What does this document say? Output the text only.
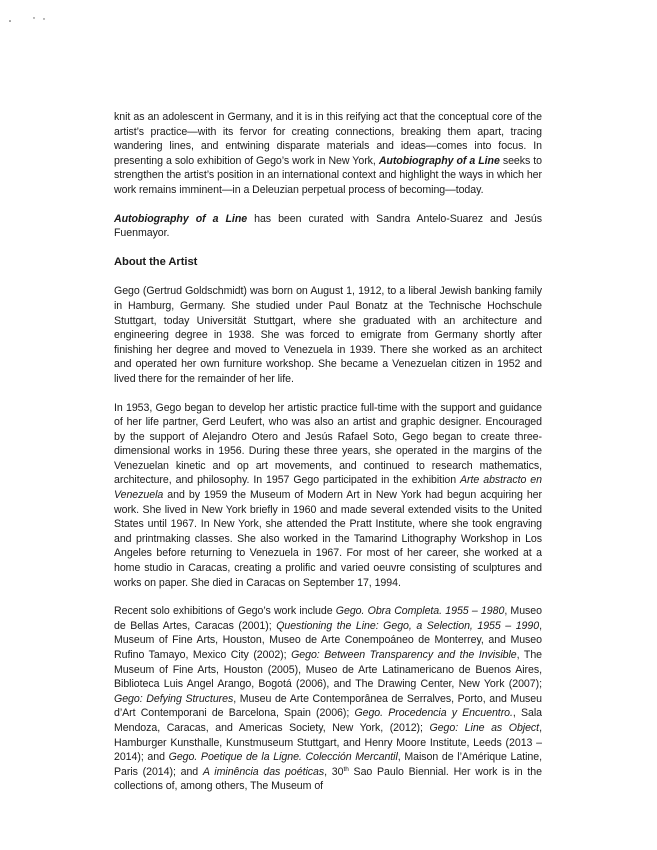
knit as an adolescent in Germany, and it is in this reifying act that the conceptual core of the artist’s practice—with its fervor for creating connections, breaking them apart, tracing wandering lines, and entwining disparate materials and ideas—comes into focus. In presenting a solo exhibition of Gego’s work in New York, Autobiography of a Line seeks to strengthen the artist’s position in an international context and highlight the ways in which her work remains imminent—in a Deleuzian perpetual process of becoming—today.

Autobiography of a Line has been curated with Sandra Antelo-Suarez and Jesús Fuenmayor.

About the Artist

Gego (Gertrud Goldschmidt) was born on August 1, 1912, to a liberal Jewish banking family in Hamburg, Germany. She studied under Paul Bonatz at the Technische Hochschule Stuttgart, today Universität Stuttgart, where she graduated with an architecture and engineering degree in 1938. She was forced to emigrate from Germany shortly after finishing her degree and moved to Venezuela in 1939. There she worked as an architect and operated her own furniture workshop. She became a Venezuelan citizen in 1952 and lived there for the remainder of her life.

In 1953, Gego began to develop her artistic practice full-time with the support and guidance of her life partner, Gerd Leufert, who was also an artist and graphic designer. Encouraged by the support of Alejandro Otero and Jesús Rafael Soto, Gego began to create three-dimensional works in 1956. During these three years, she operated in the margins of the Venezuelan kinetic and op art movements, and continued to research mathematics, architecture, and philosophy. In 1957 Gego participated in the exhibition Arte abstracto en Venezuela and by 1959 the Museum of Modern Art in New York had begun acquiring her work. She lived in New York briefly in 1960 and made several extended visits to the United States until 1967. In New York, she attended the Pratt Institute, where she took engraving and printmaking classes. She also worked in the Tamarind Lithography Workshop in Los Angeles before returning to Venezuela in 1967. For most of her career, she worked at a home studio in Caracas, creating a prolific and varied oeuvre consisting of sculptures and works on paper. She died in Caracas on September 17, 1994.

Recent solo exhibitions of Gego’s work include Gego. Obra Completa. 1955 – 1980, Museo de Bellas Artes, Caracas (2001); Questioning the Line: Gego, a Selection, 1955 – 1990, Museum of Fine Arts, Houston, Museo de Arte Conempoáneo de Monterrey, and Museo Rufino Tamayo, Mexico City (2002); Gego: Between Transparency and the Invisible, The Museum of Fine Arts, Houston (2005), Museo de Arte Latinamericano de Buenos Aires, Biblioteca Luis Angel Arango, Bogotá (2006), and The Drawing Center, New York (2007); Gego: Defying Structures, Museu de Arte Contemporânea de Serralves, Porto, and Museu d’Art Contemporani de Barcelona, Spain (2006); Gego. Procedencia y Encuentro., Sala Mendoza, Caracas, and Americas Society, New York, (2012); Gego: Line as Object, Hamburger Kunsthalle, Kunstmuseum Stuttgart, and Henry Moore Institute, Leeds (2013 – 2014); and Gego. Poetique de la Ligne. Colección Mercantil, Maison de l’Amérique Latine, Paris (2014); and A iminência das poéticas, 30th Sao Paulo Biennial. Her work is in the collections of, among others, The Museum of
